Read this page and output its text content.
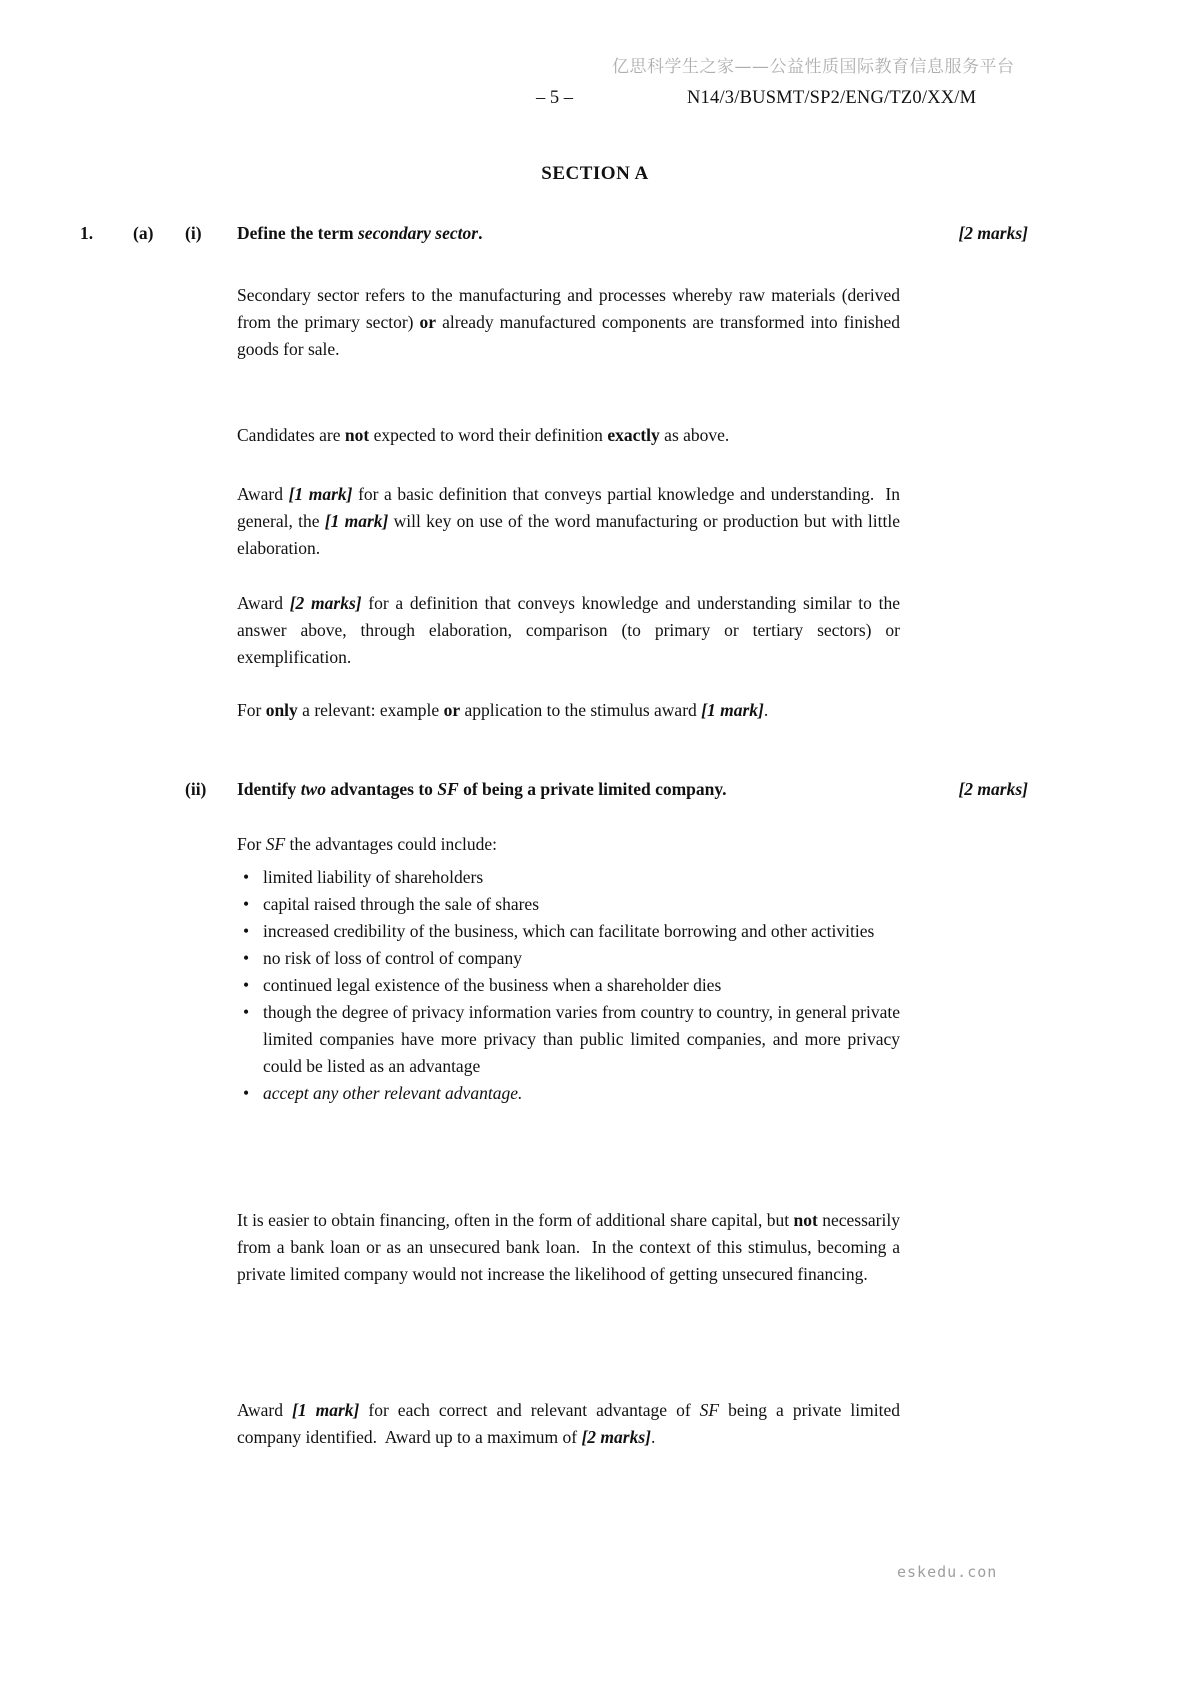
亿思科学生之家——公益性质国际教育信息服务平台
– 5 –	N14/3/BUSMT/SP2/ENG/TZ0/XX/M
SECTION A
1. (a) (i)
(ii)
Define the term secondary sector.	[2 marks]
Secondary sector refers to the manufacturing and processes whereby raw materials (derived from the primary sector) or already manufactured components are transformed into finished goods for sale.
Candidates are not expected to word their definition exactly as above.
Award [1 mark] for a basic definition that conveys partial knowledge and understanding.  In general, the [1 mark] will key on use of the word manufacturing or production but with little elaboration.
Award [2 marks] for a definition that conveys knowledge and understanding similar to the answer above, through elaboration, comparison (to primary or tertiary sectors) or exemplification.
For only a relevant: example or application to the stimulus award [1 mark].
Identify two advantages to SF of being a private limited company.	[2 marks]
For SF the advantages could include:
• limited liability of shareholders
• capital raised through the sale of shares
• increased credibility of the business, which can facilitate borrowing and other activities
• no risk of loss of control of company
• continued legal existence of the business when a shareholder dies
• though the degree of privacy information varies from country to country, in general private limited companies have more privacy than public limited companies, and more privacy could be listed as an advantage
• accept any other relevant advantage.
It is easier to obtain financing, often in the form of additional share capital, but not necessarily from a bank loan or as an unsecured bank loan.  In the context of this stimulus, becoming a private limited company would not increase the likelihood of getting unsecured financing.
Award [1 mark] for each correct and relevant advantage of SF being a private limited company identified.  Award up to a maximum of [2 marks].
eskedu.con
